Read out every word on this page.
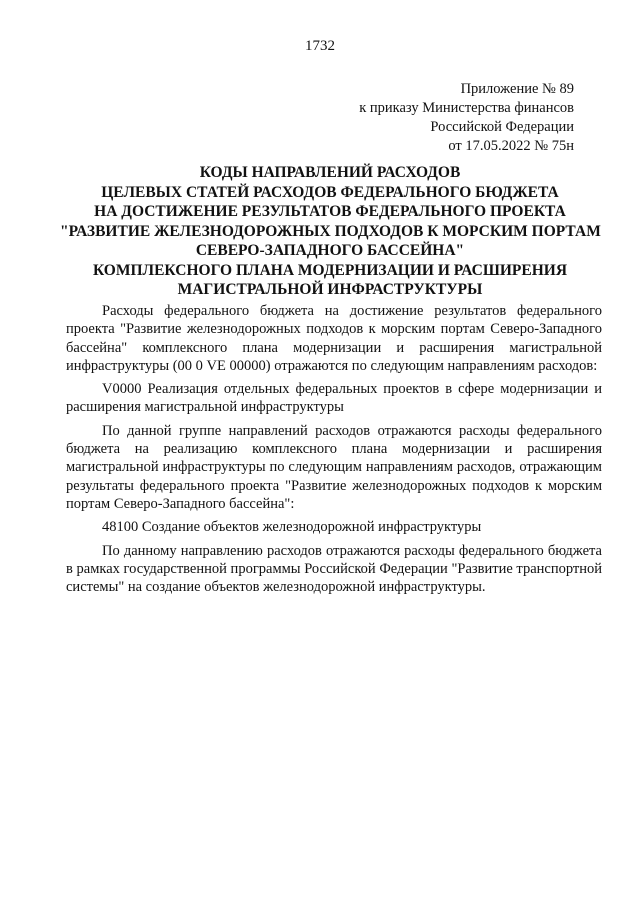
1732
Приложение № 89
к приказу Министерства финансов
Российской Федерации
от 17.05.2022 № 75н
КОДЫ НАПРАВЛЕНИЙ РАСХОДОВ
ЦЕЛЕВЫХ СТАТЕЙ РАСХОДОВ ФЕДЕРАЛЬНОГО БЮДЖЕТА
НА ДОСТИЖЕНИЕ РЕЗУЛЬТАТОВ ФЕДЕРАЛЬНОГО ПРОЕКТА
"РАЗВИТИЕ ЖЕЛЕЗНОДОРОЖНЫХ ПОДХОДОВ К МОРСКИМ ПОРТАМ
СЕВЕРО-ЗАПАДНОГО БАССЕЙНА"
КОМПЛЕКСНОГО ПЛАНА МОДЕРНИЗАЦИИ И РАСШИРЕНИЯ
МАГИСТРАЛЬНОЙ ИНФРАСТРУКТУРЫ

Расходы федерального бюджета на достижение результатов федерального проекта "Развитие железнодорожных подходов к морским портам Северо-Западного бассейна" комплексного плана модернизации и расширения магистральной инфраструктуры (00 0 VE 00000) отражаются по следующим направлениям расходов:

V0000 Реализация отдельных федеральных проектов в сфере модернизации и расширения магистральной инфраструктуры

По данной группе направлений расходов отражаются расходы федерального бюджета на реализацию комплексного плана модернизации и расширения магистральной инфраструктуры по следующим направлениям расходов, отражающим результаты федерального проекта "Развитие железнодорожных подходов к морским портам Северо-Западного бассейна":

48100 Создание объектов железнодорожной инфраструктуры

По данному направлению расходов отражаются расходы федерального бюджета в рамках государственной программы Российской Федерации "Развитие транспортной системы" на создание объектов железнодорожной инфраструктуры.
